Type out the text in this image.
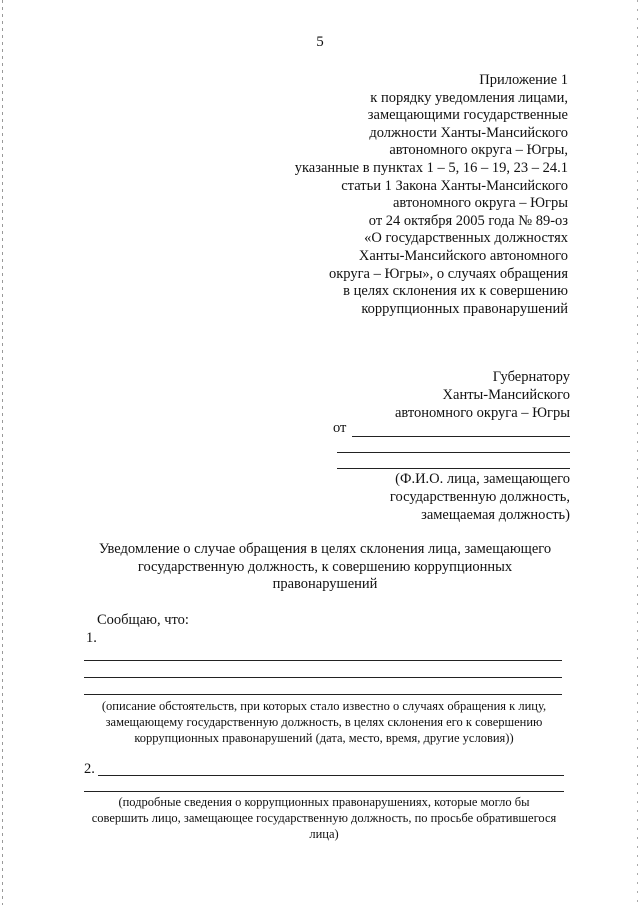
5
Приложение 1
к порядку уведомления лицами,
замещающими государственные
должности Ханты-Мансийского
автономного округа – Югры,
указанные в пунктах 1 – 5, 16 – 19, 23 – 24.1
статьи 1 Закона Ханты-Мансийского
автономного округа – Югры
от 24 октября 2005 года № 89-оз
«О государственных должностях
Ханты-Мансийского автономного
округа – Югры», о случаях обращения
в целях склонения их к совершению
коррупционных правонарушений
Губернатору
Ханты-Мансийского
автономного округа – Югры
от
(Ф.И.О. лица, замещающего
государственную должность,
замещаемая должность)
Уведомление о случае обращения в целях склонения лица, замещающего
государственную должность, к совершению коррупционных
правонарушений
Сообщаю, что:
1.
(описание обстоятельств, при которых стало известно о случаях обращения к лицу,
замещающему государственную должность, в целях склонения его к совершению
коррупционных правонарушений (дата, место, время, другие условия))
2.
(подробные сведения о коррупционных правонарушениях, которые могло бы
совершить лицо, замещающее государственную должность, по просьбе обратившегося
лица)
